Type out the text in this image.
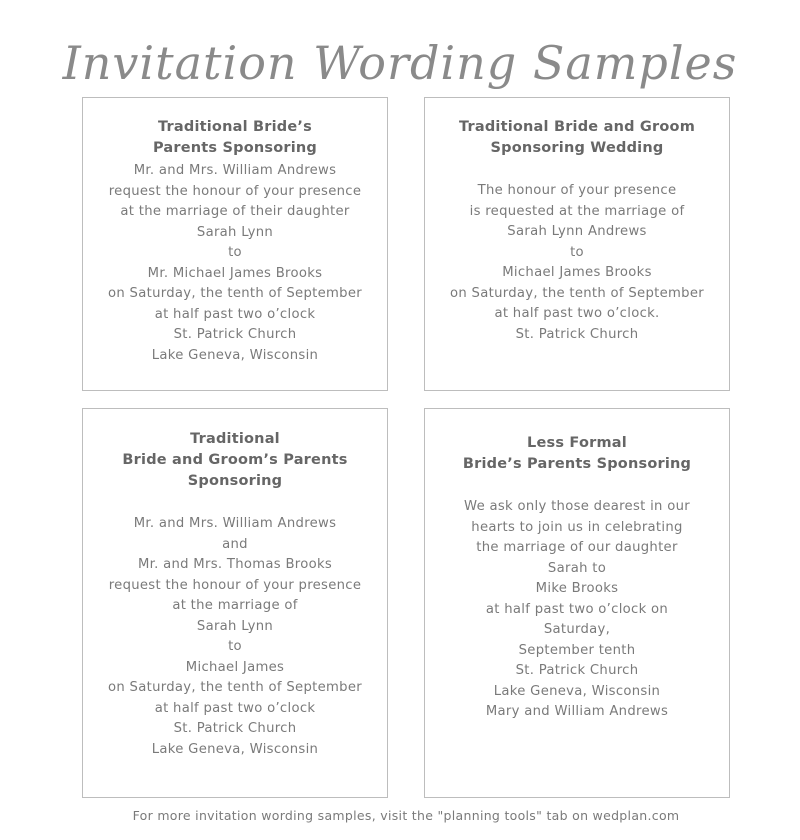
Invitation Wording Samples
Traditional Bride’s
Parents Sponsoring
Mr. and Mrs. William Andrews
request the honour of your presence
at the marriage of their daughter
Sarah Lynn
to
Mr. Michael James Brooks
on Saturday, the tenth of September
at half past two o’clock
St. Patrick Church
Lake Geneva, Wisconsin
Traditional Bride and Groom
Sponsoring Wedding
The honour of your presence
is requested at the marriage of
Sarah Lynn Andrews
to
Michael James Brooks
on Saturday, the tenth of September
at half past two o’clock.
St. Patrick Church
Traditional
Bride and Groom’s Parents
Sponsoring
Mr. and Mrs. William Andrews
and
Mr. and Mrs. Thomas Brooks
request the honour of your presence
at the marriage of
Sarah Lynn
to
Michael James
on Saturday, the tenth of September
at half past two o’clock
St. Patrick Church
Lake Geneva, Wisconsin
Less Formal
Bride’s Parents Sponsoring
We ask only those dearest in our
hearts to join us in celebrating
the marriage of our daughter
Sarah to
Mike Brooks
at half past two o’clock on
Saturday,
September tenth
St. Patrick Church
Lake Geneva, Wisconsin
Mary and William Andrews
For more invitation wording samples, visit the "planning tools" tab on wedplan.com
